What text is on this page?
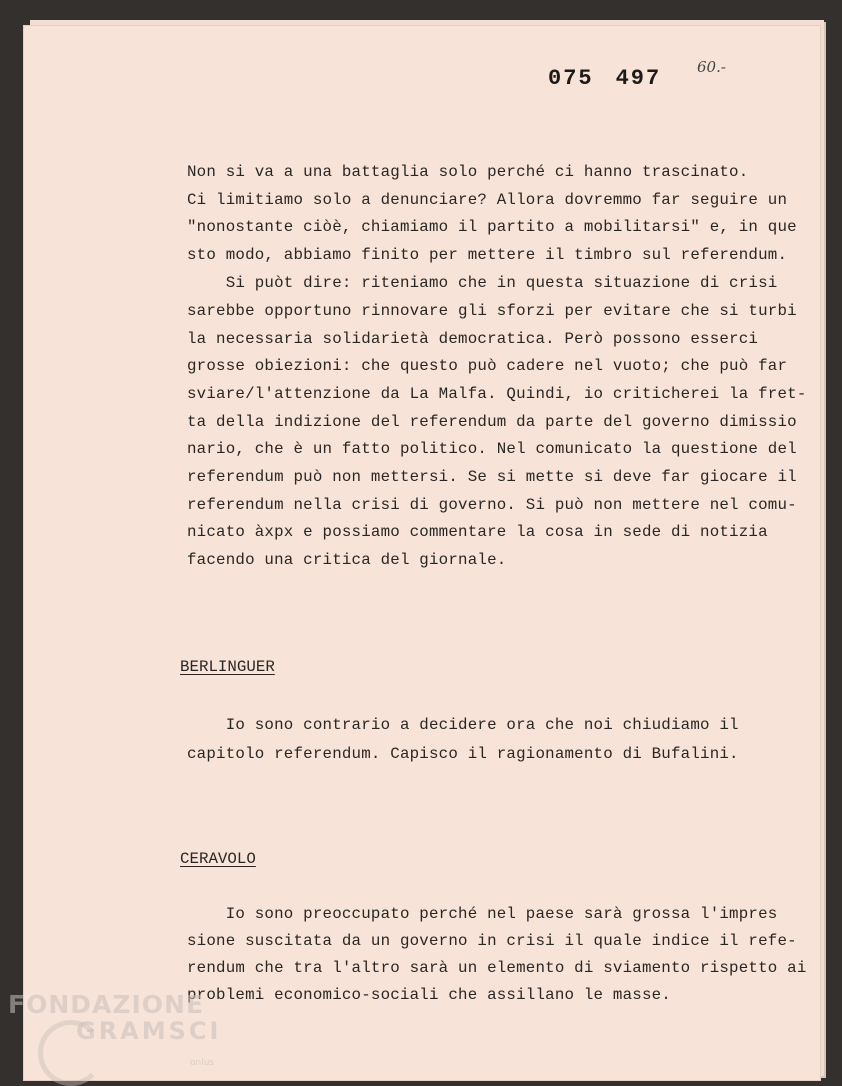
075 497	60.-
Non si va a una battaglia solo perché ci hanno trascinato.
Ci limitiamo solo a denunciare? Allora dovremmo far seguire un
"nonostante ciòè, chiamiamo il partito a mobilitarsi" e, in que
sto modo, abbiamo finito per mettere il timbro sul referendum.
Si puòt dire: riteniamo che in questa situazione di crisi
sarebbe opportuno rinnovare gli sforzi per evitare che si turbi
la necessaria solidarietà democratica. Però possono esserci
grosse obiezioni: che questo può cadere nel vuoto; che può far
sviare/l'attenzione da La Malfa. Quindi, io criticherei la fret-
ta della indizione del referendum da parte del governo dimissio
nario, che è un fatto politico. Nel comunicato la questione del
referendum può non mettersi. Se si mette si deve far giocare il
referendum nella crisi di governo. Si può non mettere nel comu-
nicato àxpx e possiamo commentare la cosa in sede di notizia
facendo una critica del giornale.
BERLINGUER
Io sono contrario a decidere ora che noi chiudiamo il
capitolo referendum. Capisco il ragionamento di Bufalini.
CERAVOLO
Io sono preoccupato perché nel paese sarà grossa l'impres
sione suscitata da un governo in crisi il quale indice il refe-
rendum che tra l'altro sarà un elemento di sviamento rispetto ai
problemi economico-sociali che assillano le masse.
FONDAZIONE
GRAMSCI
onlus
